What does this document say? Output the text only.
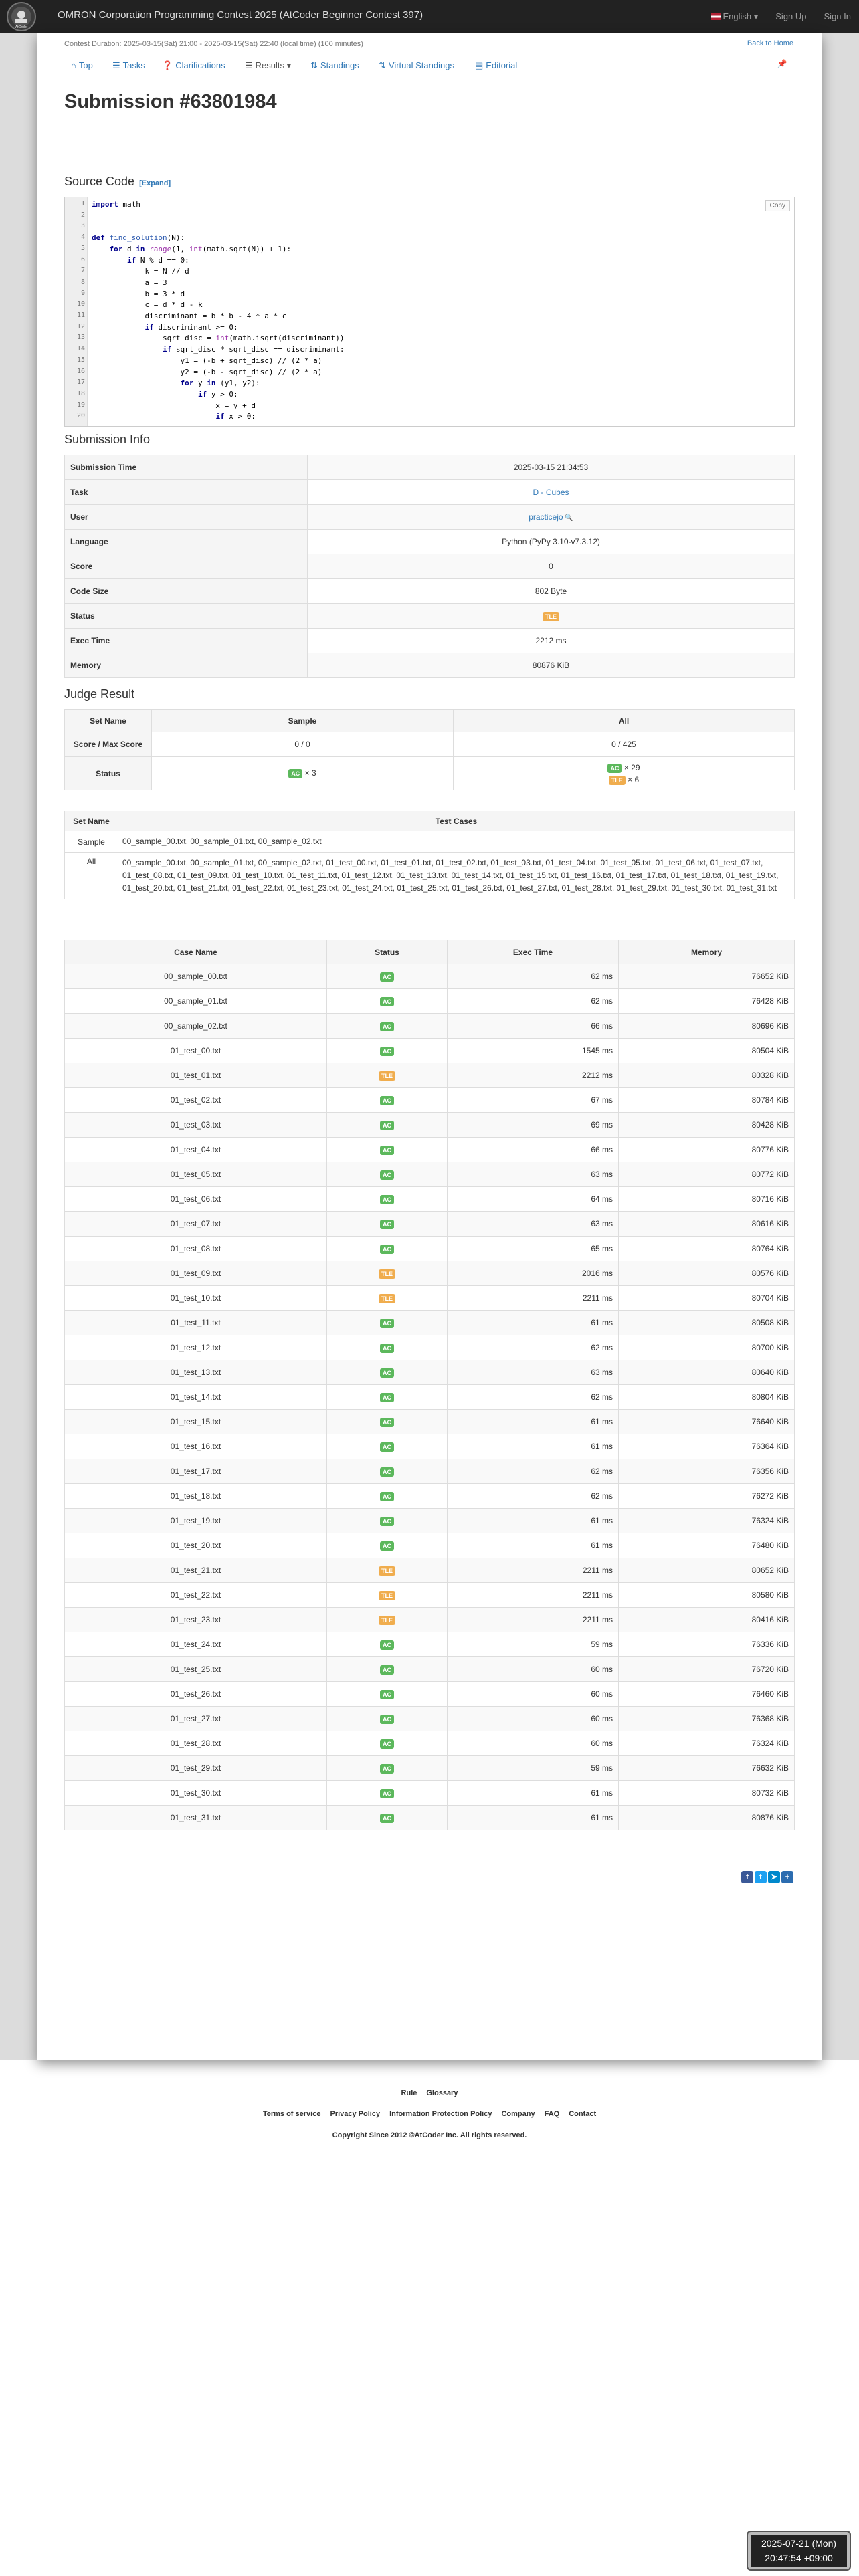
AtCoder
OMRON Corporation Programming Contest 2025 (AtCoder Beginner Contest 397)	English ▾ Sign Up Sign In
Contest Duration: 2025-03-15(Sat) 21:00 - 2025-03-15(Sat) 22:40 (local time) (100 minutes)	Back to Home
⌂ Top ☰ Tasks ❓ Clarifications ☰ Results ▾ ⇅ Standings ⇅ Virtual Standings ▤ Editorial	📌
Submission #63801984
Source Code [Expand]
1
2
3
4
5
6
7
8
9
10
11
12
13
14
15
16
17
18
19
20
import math
def find_solution(N):
for d in range(1, int(math.sqrt(N)) + 1):
if N % d == 0:
k = N // d
a = 3
b = 3 * d
c = d * d - k
discriminant = b * b - 4 * a * c
if discriminant >= 0:
sqrt_disc = int(math.isqrt(discriminant))
if sqrt_disc * sqrt_disc == discriminant:
y1 = (-b + sqrt_disc) // (2 * a)
y2 = (-b - sqrt_disc) // (2 * a)
for y in (y1, y2):
if y > 0:
x = y + d
if x > 0:
Copy
Submission Info
Submission Time	2025-03-15 21:34:53
Task	D - Cubes
User	practicejo 🔍
Language	Python (PyPy 3.10-v7.3.12)
Score	0
Code Size	802 Byte
Status	TLE
Exec Time	2212 ms
Memory	80876 KiB
Judge Result
Set Name	Sample	All
Score / Max Score	0 / 0	0 / 425
Status	AC × 3	AC × 29
TLE × 6
Set Name	Test Cases
Sample	00_sample_00.txt, 00_sample_01.txt, 00_sample_02.txt
All	00_sample_00.txt, 00_sample_01.txt, 00_sample_02.txt, 01_test_00.txt, 01_test_01.txt, 01_test_02.txt, 01_test_03.txt, 01_test_04.txt, 01_test_05.txt, 01_test_06.txt, 01_test_07.txt, 01_test_08.txt, 01_test_09.txt, 01_test_10.txt, 01_test_11.txt, 01_test_12.txt, 01_test_13.txt, 01_test_14.txt, 01_test_15.txt, 01_test_16.txt, 01_test_17.txt, 01_test_18.txt, 01_test_19.txt, 01_test_20.txt, 01_test_21.txt, 01_test_22.txt, 01_test_23.txt, 01_test_24.txt, 01_test_25.txt, 01_test_26.txt, 01_test_27.txt, 01_test_28.txt, 01_test_29.txt, 01_test_30.txt, 01_test_31.txt
Case Name	Status	Exec Time	Memory
00_sample_00.txt	AC	62 ms	76652 KiB
00_sample_01.txt	AC	62 ms	76428 KiB
00_sample_02.txt	AC	66 ms	80696 KiB
01_test_00.txt	AC	1545 ms	80504 KiB
01_test_01.txt	TLE	2212 ms	80328 KiB
01_test_02.txt	AC	67 ms	80784 KiB
01_test_03.txt	AC	69 ms	80428 KiB
01_test_04.txt	AC	66 ms	80776 KiB
01_test_05.txt	AC	63 ms	80772 KiB
01_test_06.txt	AC	64 ms	80716 KiB
01_test_07.txt	AC	63 ms	80616 KiB
01_test_08.txt	AC	65 ms	80764 KiB
01_test_09.txt	TLE	2016 ms	80576 KiB
01_test_10.txt	TLE	2211 ms	80704 KiB
01_test_11.txt	AC	61 ms	80508 KiB
01_test_12.txt	AC	62 ms	80700 KiB
01_test_13.txt	AC	63 ms	80640 KiB
01_test_14.txt	AC	62 ms	80804 KiB
01_test_15.txt	AC	61 ms	76640 KiB
01_test_16.txt	AC	61 ms	76364 KiB
01_test_17.txt	AC	62 ms	76356 KiB
01_test_18.txt	AC	62 ms	76272 KiB
01_test_19.txt	AC	61 ms	76324 KiB
01_test_20.txt	AC	61 ms	76480 KiB
01_test_21.txt	TLE	2211 ms	80652 KiB
01_test_22.txt	TLE	2211 ms	80580 KiB
01_test_23.txt	TLE	2211 ms	80416 KiB
01_test_24.txt	AC	59 ms	76336 KiB
01_test_25.txt	AC	60 ms	76720 KiB
01_test_26.txt	AC	60 ms	76460 KiB
01_test_27.txt	AC	60 ms	76368 KiB
01_test_28.txt	AC	60 ms	76324 KiB
01_test_29.txt	AC	59 ms	76632 KiB
01_test_30.txt	AC	61 ms	80732 KiB
01_test_31.txt	AC	61 ms	80876 KiB
f	t	➤	+
Rule Glossary
Terms of service Privacy Policy Information Protection Policy Company FAQ Contact
Copyright Since 2012 ©AtCoder Inc. All rights reserved.
2025-07-21 (Mon)
20:47:54 +09:00
